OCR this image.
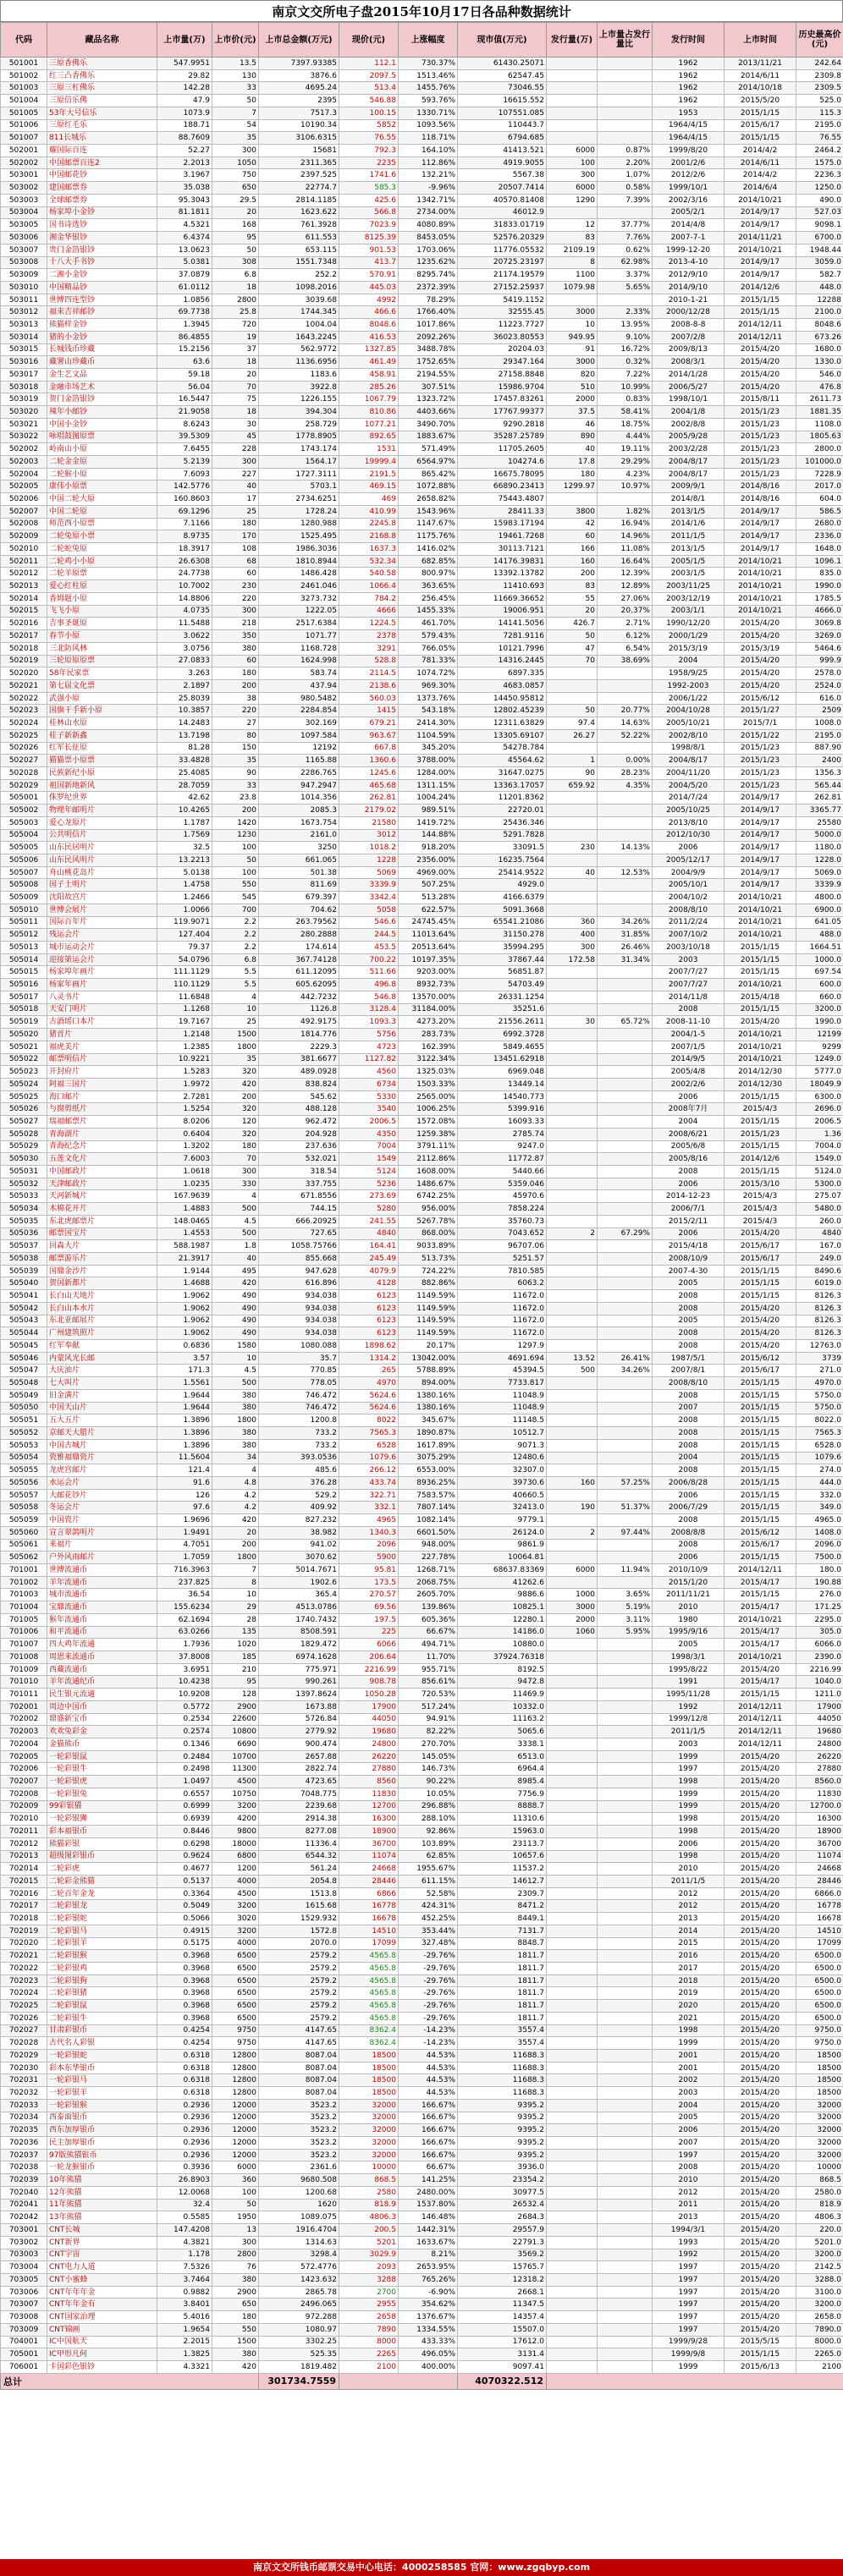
南京文交所电子盘2015年10月17日各品种数据统计
代码	藏品名称	上市量(万)	上市价(元)	上市总金额(万元)	现价(元)	上涨幅度	现市值(万元)	发行量(万)	上市量占发行量比	发行时间	上市时间	历史最高价(元)
501001	三原香佛乐	547.9951	13.5	7397.93385	112.1	730.37%	61430.25071			1962	2013/11/21	242.64
501002	红三凸香佛乐	29.82	130	3876.6	2097.5	1513.46%	62547.45			1962	2014/6/11	2309.8
501003	三原三杠佛乐	142.28	33	4695.24	513.4	1455.76%	73046.55			1962	2014/10/18	2309.5
501004	三原信乐佛	47.9	50	2395	546.88	593.76%	16615.552			1962	2015/5/20	525.0
501005	53年大号信乐	1073.9	7	7517.3	100.15	1330.71%	107551.085			1953	2015/1/15	115.3
501006	三原红毛乐	188.71	54	10190.34	5852	1093.56%	110443.7			1964/4/15	2015/6/17	2195.0
501007	811长城乐	88.7609	35	3106.6315	76.55	118.71%	6794.685			1964/4/15	2015/1/15	76.55
502001	耀国际百连	52.27	300	15681	792.3	164.10%	41413.521	6000	0.87%	1999/8/20	2014/4/2	2464.2
502002	中国邮票百连2	2.2013	1050	2311.365	2235	112.86%	4919.9055	100	2.20%	2001/2/6	2014/6/11	1575.0
503001	中国邮花钞	3.1967	750	2397.525	1741.6	132.21%	5567.38	300	1.07%	2012/2/6	2014/4/2	2236.3
503002	建国邮票券	35.038	650	22774.7	585.3	-9.96%	20507.7414	6000	0.58%	1999/10/1	2014/6/4	1250.0
503003	全球邮票券	95.3043	29.5	2814.1185	425.6	1342.71%	40570.81408	1290	7.39%	2002/3/16	2014/10/21	490.0
503004	杨家埠小金钞	81.1811	20	1623.622	566.8	2734.00%	46012.9			2005/2/1	2014/9/17	527.03
503005	国书诗选钞	4.5321	168	761.3928	7023.9	4080.89%	31833.01719	12	37.77%	2014/4/8	2014/9/17	9098.1
503006	湘金华银钞	6.4374	95	611.553	8125.39	8453.05%	52576.20329	83	7.76%	2007-7-1	2014/11/21	6700.0
503007	贵门金箔银钞	13.0623	50	653.115	901.53	1703.06%	11776.05532	2109.19	0.62%	1999-12-20	2014/10/21	1948.44
503008	十八大手书钞	5.0381	308	1551.7348	413.7	1235.62%	20725.23197	8	62.98%	2013-4-10	2014/9/17	3059.0
503009	二湘小金钞	37.0879	6.8	252.2	570.91	8295.74%	21174.19579	1100	3.37%	2012/9/10	2014/9/17	582.7
503010	中国精品钞	61.0112	18	1098.2016	445.03	2372.39%	27152.25937	1079.98	5.65%	2014/9/10	2014/12/6	448.0
503011	世博四连型钞	1.0856	2800	3039.68	4992	78.29%	5419.1152			2010-1-21	2015/1/15	12288
503012	福来吉祥邮钞	69.7738	25.8	1744.345	466.6	1766.40%	32555.45	3000	2.33%	2000/12/28	2015/1/15	2100.0
503013	熊猫样金钞	1.3945	720	1004.04	8048.6	1017.86%	11223.7727	10	13.95%	2008-8-8	2014/12/11	8048.6
503014	猪的小金钞	86.4855	19	1643.2245	416.53	2092.26%	36023.80553	949.95	9.10%	2007/2/8	2014/12/11	673.26
503015	长城钱币珍藏	15.2156	37	562.9772	1327.85	3488.78%	20204.03	91	16.72%	2009/8/13	2015/4/20	1680.0
503016	藏署山珍藏币	63.6	18	1136.6956	461.49	1752.65%	29347.164	3000	0.32%	2008/3/1	2015/4/20	1330.0
503017	金生艺文品	59.18	20	1183.6	458.91	2194.55%	27158.8848	820	7.22%	2014/1/28	2015/4/20	546.0
503018	金融市场艺术	56.04	70	3922.8	285.26	307.51%	15986.9704	510	10.99%	2006/5/27	2015/4/20	476.8
503019	贺门金箔银钞	16.5447	75	1226.155	1067.79	1323.72%	17457.83261	2000	0.83%	1998/10/1	2015/8/11	2611.73
503020	辣年小邮钞	21.9058	18	394.304	810.86	4403.66%	17767.99377	37.5	58.41%	2004/1/8	2015/1/23	1881.35
503021	中国小金钞	8.6243	30	258.729	1077.21	3490.70%	9290.2818	46	18.75%	2002/8/8	2015/1/23	1108.0
503022	咏唱鼓图原票	39.5309	45	1778.8905	892.65	1883.67%	35287.25789	890	4.44%	2005/9/28	2015/1/23	1805.63
502002	岭南山小原	7.6455	228	1743.174	1531	571.49%	11705.2605	40	19.11%	2003/2/28	2015/1/23	2800.0
502003	二轮金金原	5.2139	300	1564.17	19999.4	6564.97%	104274.6	17.8	29.29%	2004/8/17	2015/1/23	101000.0
502004	二轮猴小原	7.6093	227	1727.3111	2191.5	865.42%	16675.78095	180	4.23%	2004/8/17	2015/1/23	7228.9
502005	康伟小原票	142.5776	40	5703.1	469.15	1072.88%	66890.23413	1299.97	10.97%	2009/9/1	2014/8/16	2017.0
502006	中国二轮大原	160.8603	17	2734.6251	469	2658.82%	75443.4807			2014/8/1	2014/8/16	604.0
502007	中国二轮原	69.1296	25	1728.24	410.99	1543.96%	28411.33	3800	1.82%	2013/1/5	2014/9/17	586.5
502008	师范西小原票	7.1166	180	1280.988	2245.8	1147.67%	15983.17194	42	16.94%	2014/1/6	2014/9/17	2680.0
502009	二轮兔原小票	8.9735	170	1525.495	2168.8	1175.76%	19461.7268	60	14.96%	2011/1/5	2014/9/17	2336.0
502010	二轮蛇兔原	18.3917	108	1986.3036	1637.3	1416.02%	30113.7121	166	11.08%	2013/1/5	2014/9/17	1648.0
502011	二轮鸡小小原	26.6308	68	1810.8944	532.34	682.85%	14176.39831	160	16.64%	2005/1/5	2014/10/21	1096.1
502012	二轮羊原票	24.7738	60	1486.428	540.58	800.97%	13392.13782	200	12.39%	2003/1/5	2014/10/21	835.0
502013	爱心红柱原	10.7002	230	2461.046	1066.4	363.65%	11410.693	83	12.89%	2003/11/25	2014/10/21	1990.0
502014	香姆题小原	14.8806	220	3273.732	784.2	256.45%	11669.36652	55	27.06%	2003/12/19	2014/10/21	1785.5
502015	飞飞小原	4.0735	300	1222.05	4666	1455.33%	19006.951	20	20.37%	2003/1/1	2014/10/21	4666.0
502016	吉事圣诞原	11.5488	218	2517.6384	1224.5	461.70%	14141.5056	426.7	2.71%	1990/12/20	2015/4/20	3069.8
502017	春节小原	3.0622	350	1071.77	2378	579.43%	7281.9116	50	6.12%	2000/1/29	2015/4/20	3269.0
502018	三北防风林	3.0756	380	1168.728	3291	766.05%	10121.7996	47	6.54%	2015/3/19	2015/3/19	5464.6
502019	三轮原原原票	27.0833	60	1624.998	528.8	781.33%	14316.2445	70	38.69%	2004	2015/4/20	999.9
502020	58年民家票	3.263	180	583.74	2114.5	1074.72%	6897.335			1958/9/25	2015/4/20	2578.0
502021	第七届文化票	2.1897	200	437.94	2138.6	969.30%	4683.0857			1992-2003	2015/4/20	2524.0
502022	武强小原	25.8039	38	980.5482	560.03	1373.76%	14450.95812			2006/1/22	2015/6/12	616.0
502023	国旗干手新小原	10.3857	220	2284.854	1415	543.18%	12802.45239	50	20.77%	2004/10/28	2015/1/27	2509
502024	桂林山水原	14.2483	27	302.169	679.21	2414.30%	12311.63829	97.4	14.63%	2005/10/21	2015/7/1	1008.0
502025	桂子新新鑫	13.7198	80	1097.584	963.67	1104.59%	13305.69107	26.27	52.22%	2002/8/10	2015/1/22	2195.0
502026	红军长征原	81.28	150	12192	667.8	345.20%	54278.784			1998/8/1	2015/1/23	887.90
502027	猫猫票小原票	33.4828	35	1165.88	1360.6	3788.00%	45564.62	1	0.00%	2004/8/17	2015/1/23	2400
502028	民族新纪小原	25.4085	90	2286.765	1245.6	1284.00%	31647.0275	90	28.23%	2004/11/20	2015/1/23	1356.3
502029	祖国新地新风	28.7059	33	947.2947	465.68	1311.15%	13363.17057	659.92	4.35%	2004/5/20	2015/1/23	565.44
505001	侏罗纪世界	42.62	23.8	1014.356	262.81	1004.24%	11201.8362			2014/7/24	2014/9/17	262.81
505002	物理年邮明片	10.4265	200	2085.3	2179.02	989.51%	22720.01			2005/10/25	2014/9/17	3365.77
505003	爱心龙原片	1.1787	1420	1673.754	21580	1419.72%	25436.346			2013/8/10	2014/9/17	25580
505004	公共明信片	1.7569	1230	2161.0	3012	144.88%	5291.7828			2012/10/30	2014/9/17	5000.0
505005	山东民居明片	32.5	100	3250	1018.2	918.20%	33091.5	230	14.13%	2006	2014/9/17	1180.0
505006	山东民风明片	13.2213	50	661.065	1228	2356.00%	16235.7564			2005/12/17	2014/9/17	1228.0
505007	舟山桃花岛片	5.0138	100	501.38	5069	4969.00%	25414.9522	40	12.53%	2004/9/9	2014/9/17	5069.0
505008	国子土明片	1.4758	550	811.69	3339.9	507.25%	4929.0			2005/10/1	2014/9/17	3339.9
505009	沈阳故宫片	1.2466	545	679.397	3342.4	513.28%	4166.6379			2004/10/2	2014/10/21	4800.0
505010	世博会展片	1.0066	700	704.62	5058	622.57%	5091.3668			2008/8/10	2014/10/21	6900.0
505011	国际百年片	119.9071	2.2	263.79562	546.6	24745.45%	65541.21086	360	34.26%	2011/2/24	2014/10/21	641.05
505012	残运会片	127.404	2.2	280.2888	244.5	11013.64%	31150.278	400	31.85%	2007/10/2	2014/10/21	488.0
505013	城市运动会片	79.37	2.2	174.614	453.5	20513.64%	35994.295	300	26.46%	2003/10/18	2015/1/15	1664.51
505014	迎接第运会片	54.0796	6.8	367.74128	700.22	10197.35%	37867.44	172.58	31.34%	2003	2015/1/15	1000.0
505015	杨家埠年画片	111.1129	5.5	611.12095	511.66	9203.00%	56851.87			2007/7/27	2015/1/15	697.54
505016	杨家年画片	110.1129	5.5	605.62095	496.8	8932.73%	54703.49			2007/7/27	2014/10/21	600.0
505017	八灵书片	11.6848	4	442.7232	546.8	13570.00%	26331.1254			2014/11/8	2015/4/18	660.0
505018	天安门明片	1.1268	10	1126.8	3128.4	31184.00%	35251.6			2008	2015/1/15	3200.0
505019	古酒瑶口本片	19.7167	25	492.9175	1093.3	4273.20%	21556.2611	30	65.72%	2008-11-10	2015/4/20	1990.0
505020	猪首片	1.2148	1500	1814.776	5756	283.73%	6992.3728			2004/1-5	2014/10/21	12199
505021	福虎美片	1.2385	1800	2229.3	4723	162.39%	5849.4655			2007/1/5	2014/10/21	9299
505022	邮票明信片	10.9221	35	381.6677	1127.82	3122.34%	13451.62918			2014/9/5	2014/10/21	1249.0
505023	开封府片	1.5283	320	489.0928	4560	1325.03%	6969.048			2005/4/8	2014/12/30	5777.0
505024	阿福三国片	1.9972	420	838.824	6734	1503.33%	13449.14			2002/2/6	2014/12/30	18049.9
505025	海口邮片	2.7281	200	545.62	5330	2565.00%	14540.773			2006	2015/1/15	6300.0
505026	与窗剪纸片	1.5254	320	488.128	3540	1006.25%	5399.916			2008年7月	2015/4/3	2696.0
505027	瑞福邮票片	8.0206	120	962.472	2006.5	1572.08%	16093.33			2004	2015/1/15	2006.5
505028	青海湖片	0.6404	320	204.928	4350	1259.38%	2785.74			2008/6/21	2015/1/23	1.36
505029	青海纪念片	1.3202	180	237.636	7004	3791.11%	9247.0			2005/6/8	2015/1/15	7004.0
505030	五莲文化片	7.6003	70	532.021	1549	2112.86%	11772.87			2005/8/16	2014/12/6	1549.0
505031	中国邮政片	1.0618	300	318.54	5124	1608.00%	5440.66			2008	2015/1/15	5124.0
505032	天津邮政片	1.0235	330	337.755	5236	1486.67%	5359.046			2006	2015/3/10	5300.0
505033	天河新城片	167.9639	4	671.8556	273.69	6742.25%	45970.6			2014-12-23	2015/4/3	275.07
505034	木棉花开片	1.4883	500	744.15	5280	956.00%	7858.224			2006/7/1	2015/4/3	5480.0
505035	东北虎邮票片	148.0465	4.5	666.20925	241.55	5267.78%	35760.73			2015/2/11	2015/4/3	260.0
505036	邮票国宝片	1.4553	500	727.65	4840	868.00%	7043.652	2	67.29%	2006	2015/4/20	4840
505037	回森大片	588.1987	1.8	1058.75766	164.41	9033.89%	96707.06			2015/4/18	2015/6/17	167.0
505038	邮票游乐片	21.3917	40	855.668	245.49	513.73%	5251.57			2008/10/9	2015/6/17	249.0
505039	国鼎金沙片	1.9144	495	947.628	4079.9	724.22%	7810.585			2007-4-30	2015/1/15	8490.6
505040	贺国新都片	1.4688	420	616.896	4128	882.86%	6063.2			2005	2015/1/15	6019.0
505041	长白山天地片	1.9062	490	934.038	6123	1149.59%	11672.0			2008	2015/1/15	8126.3
505042	长白山本水片	1.9062	490	934.038	6123	1149.59%	11672.0			2008	2015/4/20	8126.3
505043	东北亚邮展片	1.9062	490	934.038	6123	1149.59%	11672.0			2005	2015/4/20	8126.3
505044	广州建筑照片	1.9062	490	934.038	6123	1149.59%	11672.0			2008	2015/4/20	8126.3
505045	红军奉献	0.6836	1580	1080.088	1898.62	20.17%	1297.9			2008	2015/4/20	12763.0
505046	内蒙风光长邮	3.57	10	35.7	1314.2	13042.00%	4691.694	13.52	26.41%	1987/5/1	2015/6/12	3739
505047	大庆油片	171.3	4.5	770.85	265	5788.89%	45394.5	500	34.26%	2007/8/1	2015/6/17	271.0
505048	七大叫片	1.5561	500	778.05	4970	894.00%	7733.817			2008/8/10	2015/1/15	4970.0
505049	旧金满片	1.9644	380	746.472	5624.6	1380.16%	11048.9			2008	2015/1/15	5750.0
505050	中国天山片	1.9644	380	746.472	5624.6	1380.16%	11048.9			2007	2015/1/15	5750.0
505051	五大五片	1.3896	1800	1200.8	8022	345.67%	11148.5			2008	2015/1/15	8022.0
505052	京邮天大腊片	1.3896	380	733.2	7565.3	1890.87%	10512.7			2008	2015/1/15	7565.3
505053	中国古城片	1.3896	380	733.2	6528	1617.89%	9071.3			2008	2015/1/15	6528.0
505054	瓷雅福鼎瓷片	11.5604	34	393.0536	1079.6	3075.29%	12480.6			2004	2015/1/15	1079.6
505055	龙虎宫邮片	121.4	4	485.6	266.12	6553.00%	32307.0			2008	2015/1/15	274.0
505056	水运会片	91.6	4.8	376.28	433.74	8936.25%	39730.6	160	57.25%	2006/8/28	2015/1/15	444.0
505057	大邮花钞片	126	4.2	529.2	322.71	7583.57%	40660.5			2006	2015/1/15	332.0
505058	冬运会片	97.6	4.2	409.92	332.1	7807.14%	32413.0	190	51.37%	2006/7/29	2015/1/15	349.0
505059	中国瓷片	1.9696	420	827.232	4965	1082.14%	9779.1			2008	2015/1/15	4965.0
505060	宣言翠鸽明片	1.9491	20	38.982	1340.3	6601.50%	26124.0	2	97.44%	2008/8/8	2015/6/12	1408.0
505061	来福片	4.7051	200	941.02	2096	948.00%	9861.9			2008	2015/6/17	2096.0
505062	户外风雨邮片	1.7059	1800	3070.62	5900	227.78%	10064.81			2006	2015/1/15	7500.0
701001	世博流通币	716.3963	7	5014.7671	95.81	1268.71%	68637.83369	6000	11.94%	2010/10/9	2014/12/11	180.0
701002	羊年流通币	237.825	8	1902.6	173.5	2068.75%	41262.6			2015/1/20	2015/4/17	190.88
701003	城市流通币	36.54	10	365.4	270.57	2605.70%	9886.6	1000	3.65%	2011/11/21	2015/1/15	276.0
701004	宝鼎流通币	155.6234	29	4513.0786	69.56	139.86%	10825.1	3000	5.19%	2010	2015/4/17	171.25
701005	猴年流通币	62.1694	28	1740.7432	197.5	605.36%	12280.1	2000	3.11%	1980	2014/10/21	2295.0
701006	和平流通币	63.0266	135	8508.591	225	66.67%	14186.0	1060	5.95%	1995/9/16	2015/4/17	305.0
701007	四大鸡年流通	1.7936	1020	1829.472	6066	494.71%	10880.0			2005	2015/4/17	6066.0
701008	周恩来流通币	37.8008	185	6974.1628	206.64	11.70%	37924.76318			1998/3/1	2014/10/21	2390.0
701009	西藏流通币	3.6951	210	775.971	2216.99	955.71%	8192.5			1995/8/22	2015/4/20	2216.99
701010	羊年流通纪币	10.4238	95	990.261	908.78	856.61%	9472.8			1991	2015/4/17	1040.0
701011	民生银元流通	10.9208	128	1397.8624	1050.28	720.53%	11469.9			1995/11/28	2015/1/15	1211.0
702001	周边中国币	0.5772	2900	1673.88	17900	517.24%	10332.0			1992	2014/12/11	17900
702002	鼎盛新宝币	0.2534	22600	5726.84	44050	94.91%	11163.2			1999/12/8	2014/12/11	44050
702003	欢欢兔彩金	0.2574	10800	2779.92	19680	82.22%	5065.6			2011/1/5	2014/12/11	19680
702004	金猫熊币	0.1346	6690	900.474	24800	270.70%	3338.1			2003	2014/12/11	24800
702005	一轮彩银鼠	0.2484	10700	2657.88	26220	145.05%	6513.0			1999	2015/4/20	26220
702006	一轮彩银牛	0.2498	11300	2822.74	27880	146.73%	6964.4			1997	2015/4/20	27880
702007	一轮彩银虎	1.0497	4500	4723.65	8560	90.22%	8985.4			1998	2015/4/20	8560.0
702008	一轮彩银兔	0.6557	10750	7048.775	11830	10.05%	7756.9			1999	2015/4/20	11830
702009	99彩银猫	0.6999	3200	2239.68	12700	296.88%	8888.7			1999	2015/4/20	12700.0
702010	一轮彩银狮	0.6939	4200	2914.38	16300	288.10%	11310.6			1998	2015/4/20	16300
702011	彩本福银币	0.8446	9800	8277.08	18900	92.86%	15963.0			1998	2015/4/20	18900
702012	熊猫彩银	0.6298	18000	11336.4	36700	103.89%	23113.7			2006	2015/4/20	36700
702013	超级图彩银币	0.9624	6800	6544.32	11074	62.85%	10657.6			1998	2015/4/20	11074
702014	二轮彩虎	0.4677	1200	561.24	24668	1955.67%	11537.2			2010	2015/4/20	24668
702015	二轮彩金熊猫	0.5137	4000	2054.8	28446	611.15%	14612.7			2011/1/5	2015/4/20	28446
702016	二轮百年金龙	0.3364	4500	1513.8	6866	52.58%	2309.7			2012	2015/4/20	6866.0
702017	二轮彩银龙	0.5049	3200	1615.68	16778	424.31%	8471.2			2012	2015/4/20	16778
702018	二轮彩银蛇	0.5066	3020	1529.932	16678	452.25%	8449.1			2013	2015/4/20	16678
702019	二轮彩银马	0.4915	3200	1572.8	14510	353.44%	7131.7			2014	2015/4/20	14510
702020	二轮彩银羊	0.5175	4000	2070.0	17099	327.48%	8848.7			2015	2015/4/20	17099
702021	二轮彩银猴	0.3968	6500	2579.2	4565.8	-29.76%	1811.7			2016	2015/4/20	6500.0
702022	二轮彩银鸡	0.3968	6500	2579.2	4565.8	-29.76%	1811.7			2017	2015/4/20	6500.0
702023	二轮彩银狗	0.3968	6500	2579.2	4565.8	-29.76%	1811.7			2018	2015/4/20	6500.0
702024	二轮彩银猪	0.3968	6500	2579.2	4565.8	-29.76%	1811.7			2019	2015/4/20	6500.0
702025	二轮彩银鼠	0.3968	6500	2579.2	4565.8	-29.76%	1811.7			2020	2015/4/20	6500.0
702026	二轮彩银牛	0.3968	6500	2579.2	4565.8	-29.76%	1811.7			2021	2015/4/20	6500.0
702027	甘肃彩银币	0.4254	9750	4147.65	8362.4	-14.23%	3557.4			1998	2015/4/20	9750.0
702028	古代名人彩银	0.4254	9750	4147.65	8362.4	-14.23%	3557.4			1999	2015/4/20	9750.0
702029	一轮彩银蛇	0.6318	12800	8087.04	18500	44.53%	11688.3			2001	2015/4/20	18500
702030	彩本东华银币	0.6318	12800	8087.04	18500	44.53%	11688.3			2001	2015/4/20	18500
702031	一轮彩银马	0.6318	12800	8087.04	18500	44.53%	11688.3			2002	2015/4/20	18500
702032	一轮彩银羊	0.6318	12800	8087.04	18500	44.53%	11688.3			2003	2015/4/20	18500
702033	一轮彩银猴	0.2936	12000	3523.2	32000	166.67%	9395.2			2004	2015/4/20	32000
702034	西泰面银币	0.2936	12000	3523.2	32000	166.67%	9395.2			2005	2015/4/20	32000
702035	西东加厚银币	0.2936	12000	3523.2	32000	166.67%	9395.2			2006	2015/4/20	32000
702036	民主加厚银币	0.2936	12000	3523.2	32000	166.67%	9395.2			2007	2015/4/20	32000
702037	97版熊猫银币	0.2936	12000	3523.2	32000	166.67%	9395.2			1997	2015/4/20	32000
702038	一轮龙猴银币	0.3936	6000	2361.6	10000	66.67%	3936.0			2008	2015/4/20	10000
702039	10年熊猫	26.8903	360	9680.508	868.5	141.25%	23354.2			2010	2015/4/20	868.5
702040	12年熊猫	12.0068	100	1200.68	2580	2480.00%	30977.5			2012	2015/4/20	2580.0
702041	11年熊猫	32.4	50	1620	818.9	1537.80%	26532.4			2011	2015/4/20	818.9
702042	13年熊猫	0.5585	1950	1089.075	4806.3	146.48%	2684.3			2013	2015/4/20	4806.3
703001	CNT长城	147.4208	13	1916.4704	200.5	1442.31%	29557.9			1994/3/1	2015/4/20	220.0
703002	CNT新界	4.3821	300	1314.63	5201	1633.67%	22791.3			1993	2015/4/20	5201.0
703003	CNT宇宙	1.178	2800	3298.4	3029.9	8.21%	3569.2			1992	2015/4/20	3200.0
703004	CNT电力人道	7.5326	76	572.4776	2093	2653.95%	15765.7			1997	2015/4/20	2142.5
703005	CNT小蜜蜂	3.7464	380	1423.632	3288	765.26%	12318.2			1997	2015/4/20	3288.0
703006	CNT年年年金	0.9882	2900	2865.78	2700	-6.90%	2668.1			1997	2015/4/20	3100.0
703007	CNT年年金有	3.8401	650	2496.065	2955	354.62%	11347.5			1997	2015/4/20	3200.0
703008	CNT国家治理	5.4016	180	972.288	2658	1376.67%	14357.4			1997	2015/4/20	2658.0
703009	CNT锦画	1.9654	550	1080.97	7890	1334.55%	15507.0			1997	2015/4/20	7890.0
704001	IC中国航天	2.2015	1500	3302.25	8000	433.33%	17612.0			1999/9/28	2015/5/15	8000.0
705001	IC甲形凡何	1.3825	380	525.35	2265	496.05%	3131.4			1999/9/8	2015/1/15	2265.0
706001	卡国彩色银钞	4.3321	420	1819.482	2100	400.00%	9097.41			1999	2015/6/13	2100
总计				301734.7559			4070322.512					
南京文交所钱币邮票交易中心电话：4000258585 官网：www.zgqbyp.com
